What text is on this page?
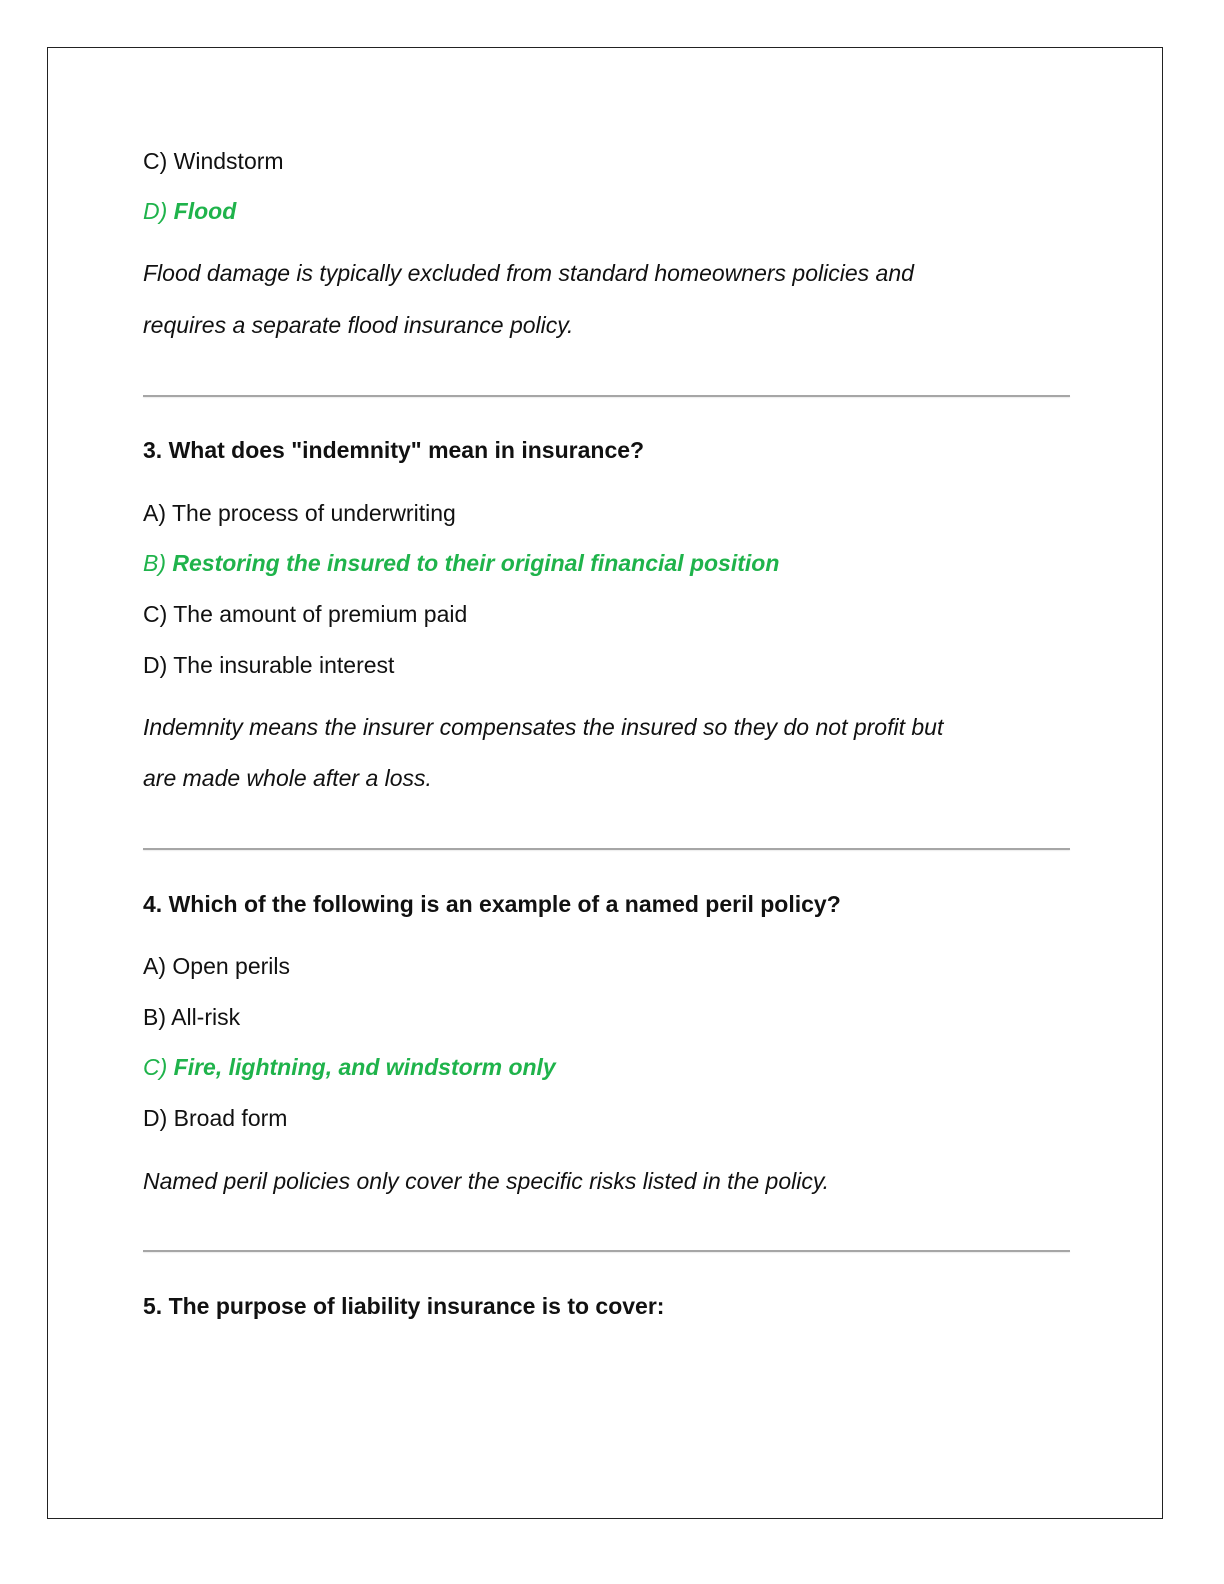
C) Windstorm
D) Flood
Flood damage is typically excluded from standard homeowners policies and
requires a separate flood insurance policy.
3. What does "indemnity" mean in insurance?
A) The process of underwriting
B) Restoring the insured to their original financial position
C) The amount of premium paid
D) The insurable interest
Indemnity means the insurer compensates the insured so they do not profit but
are made whole after a loss.
4. Which of the following is an example of a named peril policy?
A) Open perils
B) All-risk
C) Fire, lightning, and windstorm only
D) Broad form
Named peril policies only cover the specific risks listed in the policy.
5. The purpose of liability insurance is to cover:
